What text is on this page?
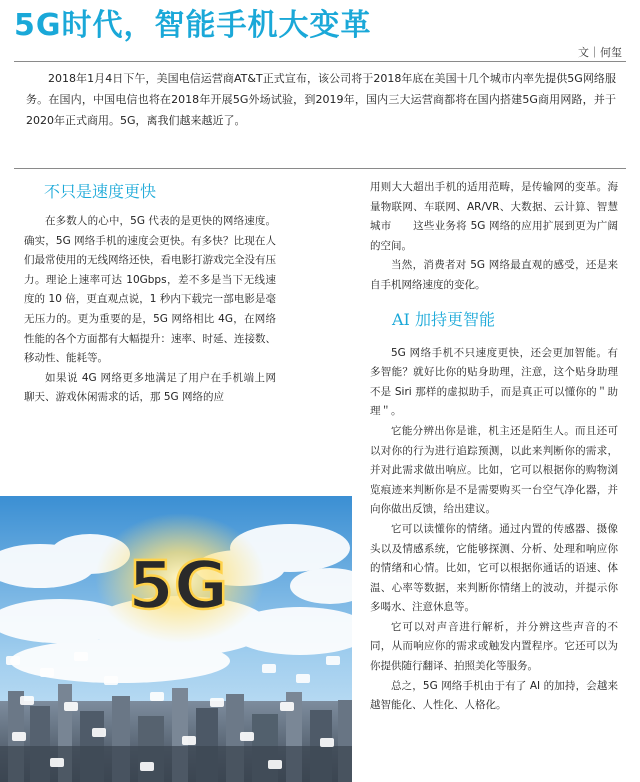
5G时代，智能手机大变革
文｜何玺

2018年1月4日下午，美国电信运营商AT&T正式宣布，该公司将于2018年底在美国十几个城市内率先提供5G网络服务。在国内，中国电信也将在2018年开展5G外场试验，到2019年，国内三大运营商都将在国内搭建5G商用网路，并于2020年正式商用。5G，离我们越来越近了。

不只是速度更快

在多数人的心中，5G 代表的是更快的网络速度。确实，5G 网络手机的速度会更快。有多快？比现在人们最常使用的无线网络还快，看电影打游戏完全没有压力。理论上速率可达 10Gbps，差不多是当下无线速度的 10 倍，更直观点说，1 秒内下载完一部电影是毫无压力的。更为重要的是，5G 网络相比 4G，在网络性能的各个方面都有大幅提升：速率、时延、连接数、移动性、能耗等。

如果说 4G 网络更多地满足了用户在手机端上网聊天、游戏休闲需求的话，那 5G 网络的应

5G

用则大大超出手机的适用范畴，是传输网的变革。海量物联网、车联网、AR/VR、大数据、云计算、智慧城市　　这些业务将 5G 网络的应用扩展到更为广阔的空间。

当然，消费者对 5G 网络最直观的感受，还是来自手机网络速度的变化。

AI 加持更智能

5G 网络手机不只速度更快，还会更加智能。有多智能？就好比你的贴身助理，注意，这个贴身助理不是 Siri 那样的虚拟助手，而是真正可以懂你的＂助理＂。

它能分辨出你是谁，机主还是陌生人。而且还可以对你的行为进行追踪预测，以此来判断你的需求，并对此需求做出响应。比如，它可以根据你的购物浏览痕迹来判断你是不是需要购买一台空气净化器，并向你做出反馈，给出建议。

它可以读懂你的情绪。通过内置的传感器、摄像头以及情感系统，它能够探测、分析、处理和响应你的情绪和心情。比如，它可以根据你通话的语速、体温、心率等数据，来判断你情绪上的波动，并提示你多喝水、注意休息等。

它可以对声音进行解析，并分辨这些声音的不同，从而响应你的需求或触发内置程序。它还可以为你提供随行翻译、拍照美化等服务。

总之，5G 网络手机由于有了 AI 的加持，会越来越智能化、人性化、人格化。
